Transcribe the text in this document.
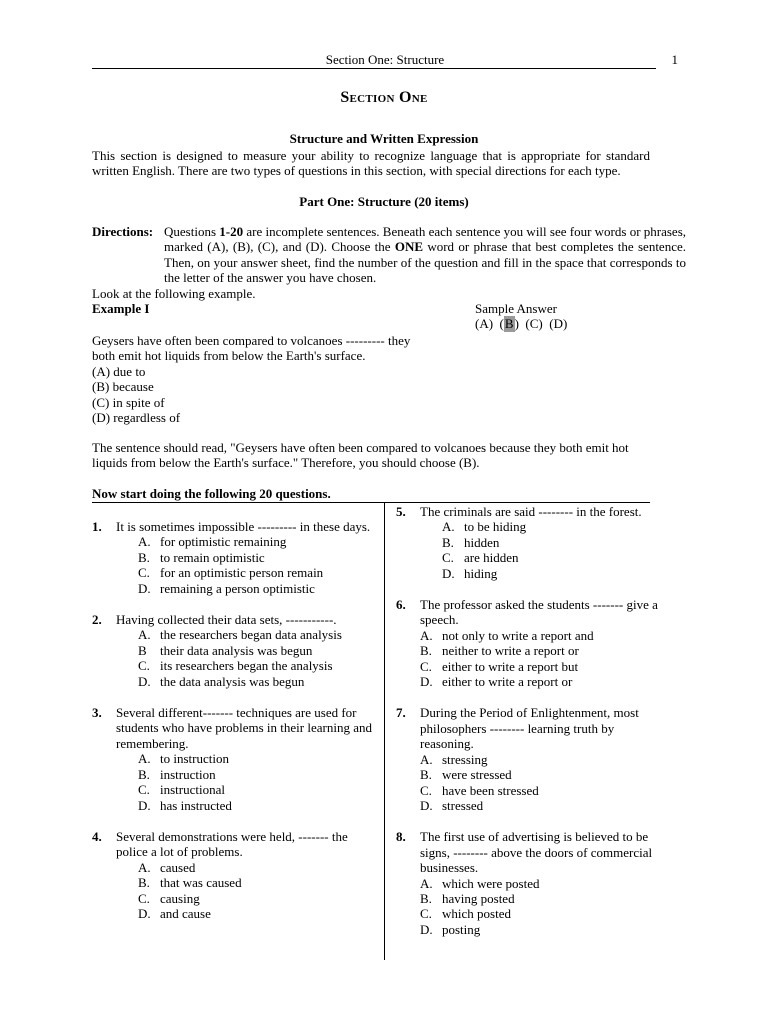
Section One: Structure	1
Section One
Structure and Written Expression
This section is designed to measure your ability to recognize language that is appropriate for standard written English. There are two types of questions in this section, with special directions for each type.
Part One: Structure (20 items)
Directions: Questions 1-20 are incomplete sentences. Beneath each sentence you will see four words or phrases, marked (A), (B), (C), and (D). Choose the ONE word or phrase that best completes the sentence. Then, on your answer sheet, find the number of the question and fill in the space that corresponds to the letter of the answer you have chosen.
Look at the following example.
Example I	Sample Answer
(A) (B) (C) (D)
Geysers have often been compared to volcanoes --------- they both emit hot liquids from below the Earth's surface.
(A) due to
(B) because
(C) in spite of
(D) regardless of
The sentence should read, "Geysers have often been compared to volcanoes because they both emit hot liquids from below the Earth's surface." Therefore, you should choose (B).
Now start doing the following 20 questions.
1.	It is sometimes impossible --------- in these days.
A. for optimistic remaining
B. to remain optimistic
C. for an optimistic person remain
D. remaining a person optimistic
2.	Having collected their data sets, -----------.
A. the researchers began data analysis
B	their data analysis was begun
C. its researchers began the analysis
D. the data analysis was begun
3.	Several different------- techniques are used for students who have problems in their learning and remembering.
A. to instruction
B. instruction
C. instructional
D. has instructed
4.	Several demonstrations were held, ------- the police a lot of problems.
A. caused
B. that was caused
C. causing
D. and cause
5.	The criminals are said -------- in the forest.
A. to be hiding
B. hidden
C. are hidden
D. hiding
6.	The professor asked the students ------- give a speech.
A. not only to write a report and
B. neither to write a report or
C. either to write a report but
D. either to write a report or
7.	During the Period of Enlightenment, most philosophers -------- learning truth by reasoning.
A. stressing
B. were stressed
C. have been stressed
D. stressed
8.	The first use of advertising is believed to be signs, -------- above the doors of commercial businesses.
A. which were posted
B. having posted
C. which posted
D. posting
